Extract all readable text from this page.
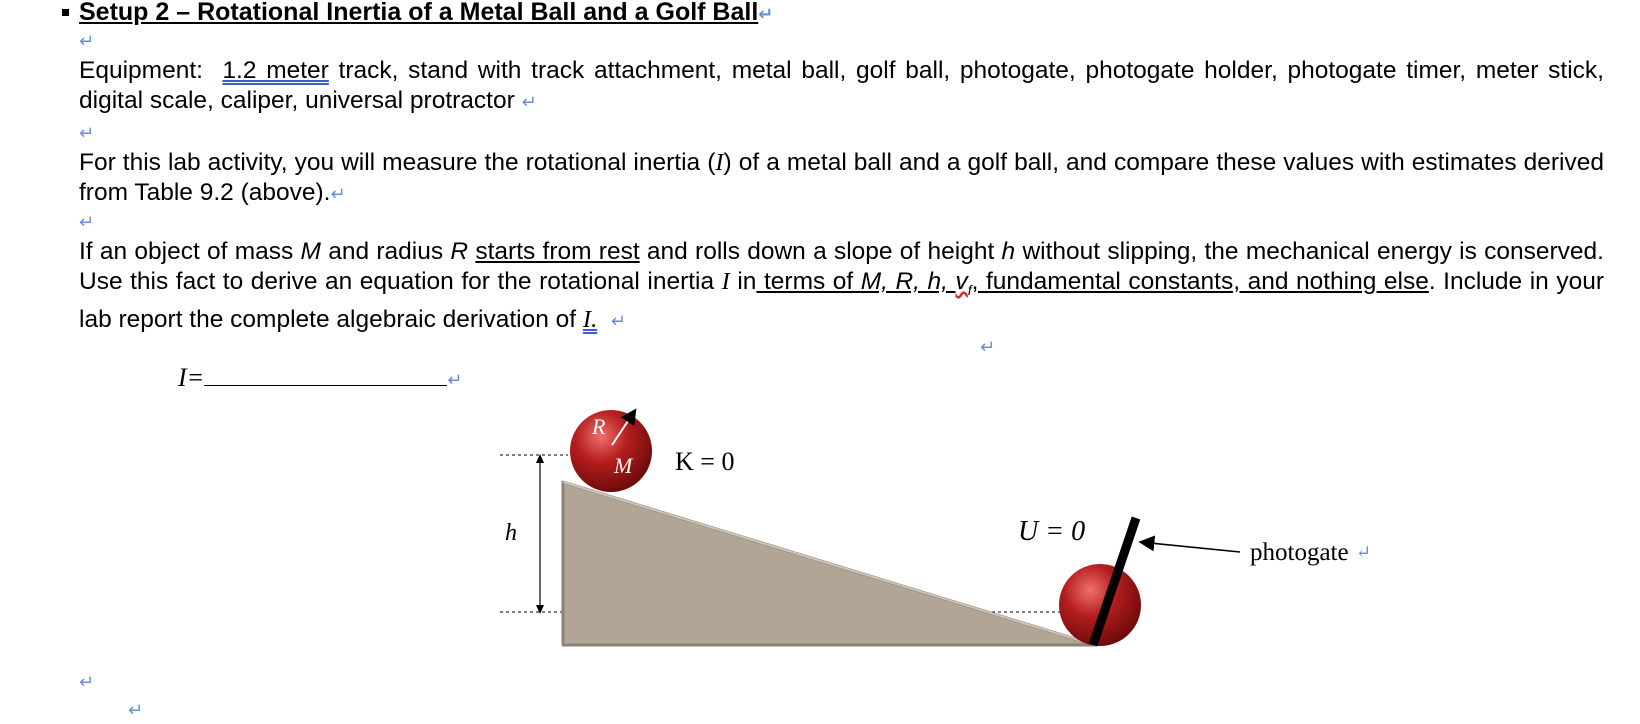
Setup 2 – Rotational Inertia of a Metal Ball and a Golf Ball↵
↵
Equipment: 1.2 meter track, stand with track attachment, metal ball, golf ball, photogate, photogate holder, photogate timer, meter stick, digital scale, caliper, universal protractor ↵
↵
For this lab activity, you will measure the rotational inertia (I) of a metal ball and a golf ball, and compare these values with estimates derived from Table 9.2 (above).↵
↵
If an object of mass M and radius R starts from rest and rolls down a slope of height h without slipping, the mechanical energy is conserved. Use this fact to derive an equation for the rotational inertia I in terms of M, R, h, $v_f$, fundamental constants, and nothing else. Include in your lab report the complete algebraic derivation of I. ↵
↵
I=	↵
h
R
M K = 0
U = 0
photogate ↵
↵
↵
